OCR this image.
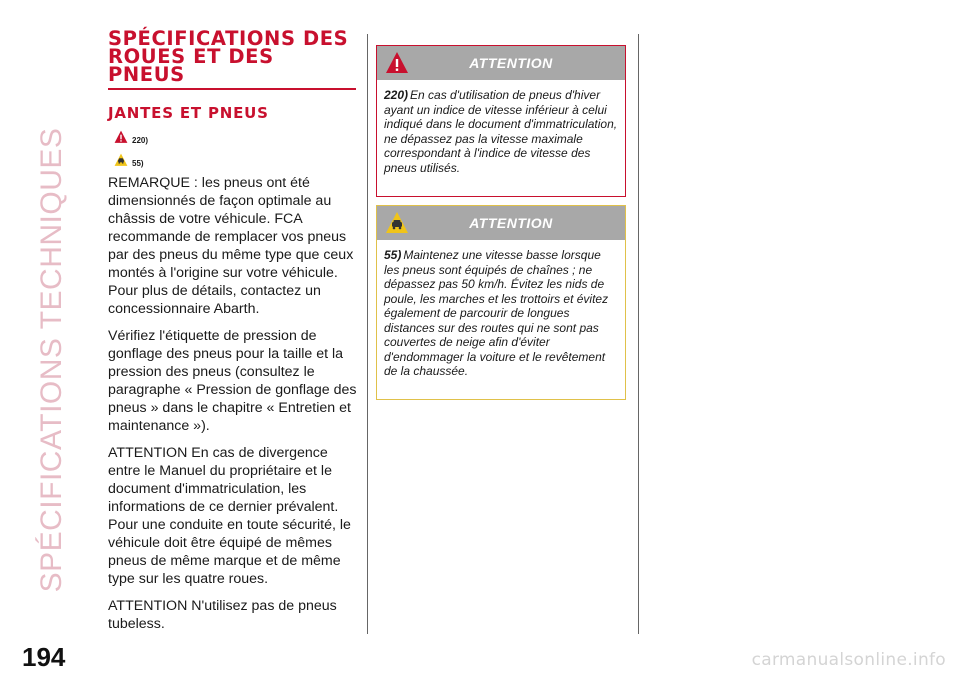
SPÉCIFICATIONS TECHNIQUES
SPÉCIFICATIONS DES ROUES ET DES PNEUS
JANTES ET PNEUS
220)
55)

REMARQUE : les pneus ont été dimensionnés de façon optimale au châssis de votre véhicule. FCA recommande de remplacer vos pneus par des pneus du même type que ceux montés à l'origine sur votre véhicule. Pour plus de détails, contactez un concessionnaire Abarth.

Vérifiez l'étiquette de pression de gonflage des pneus pour la taille et la pression des pneus (consultez le paragraphe « Pression de gonflage des pneus » dans le chapitre « Entretien et maintenance »).

ATTENTION En cas de divergence entre le Manuel du propriétaire et le document d'immatriculation, les informations de ce dernier prévalent. Pour une conduite en toute sécurité, le véhicule doit être équipé de mêmes pneus de même marque et de même type sur les quatre roues.

ATTENTION N'utilisez pas de pneus tubeless.

ATTENTION

220) En cas d'utilisation de pneus d'hiver ayant un indice de vitesse inférieur à celui indiqué dans le document d'immatriculation, ne dépassez pas la vitesse maximale correspondant à l'indice de vitesse des pneus utilisés.

ATTENTION

55) Maintenez une vitesse basse lorsque les pneus sont équipés de chaînes ; ne dépassez pas 50 km/h. Évitez les nids de poule, les marches et les trottoirs et évitez également de parcourir de longues distances sur des routes qui ne sont pas couvertes de neige afin d'éviter d'endommager la voiture et le revêtement de la chaussée.

194	carmanualsonline.info
